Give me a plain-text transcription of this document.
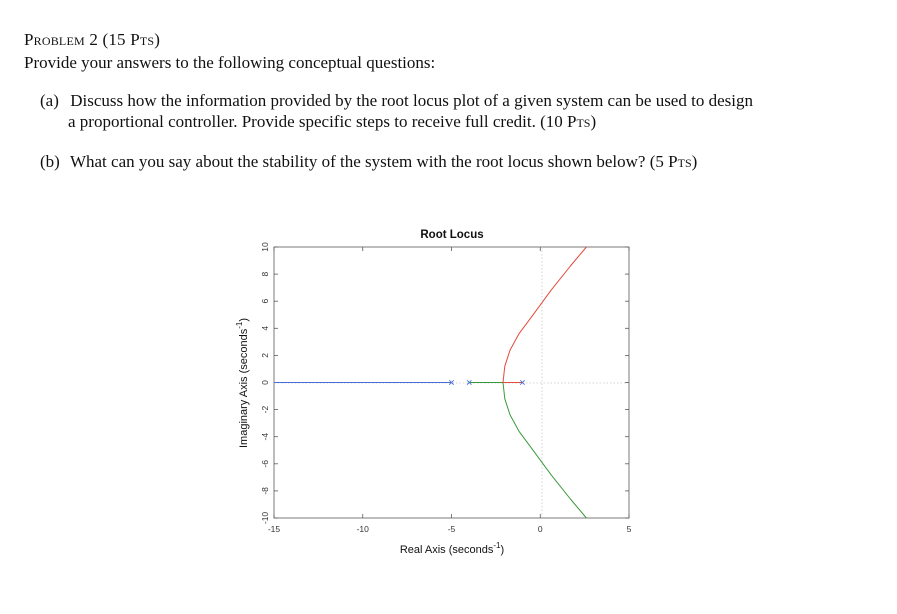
Problem 2 (15 Pts)
Provide your answers to the following conceptual questions:
(a) Discuss how the information provided by the root locus plot of a given system can be used to design
a proportional controller. Provide specific steps to receive full credit. (10 Pts)
(b) What can you say about the stability of the system with the root locus shown below? (5 Pts)
Root Locus
10
8
6
4
2
0
-2
-4
-6
-8
-10
-15	-10	-5	0	5
Real Axis (seconds$^{-1}$)
Imaginary Axis (seconds$^{-1}$)
